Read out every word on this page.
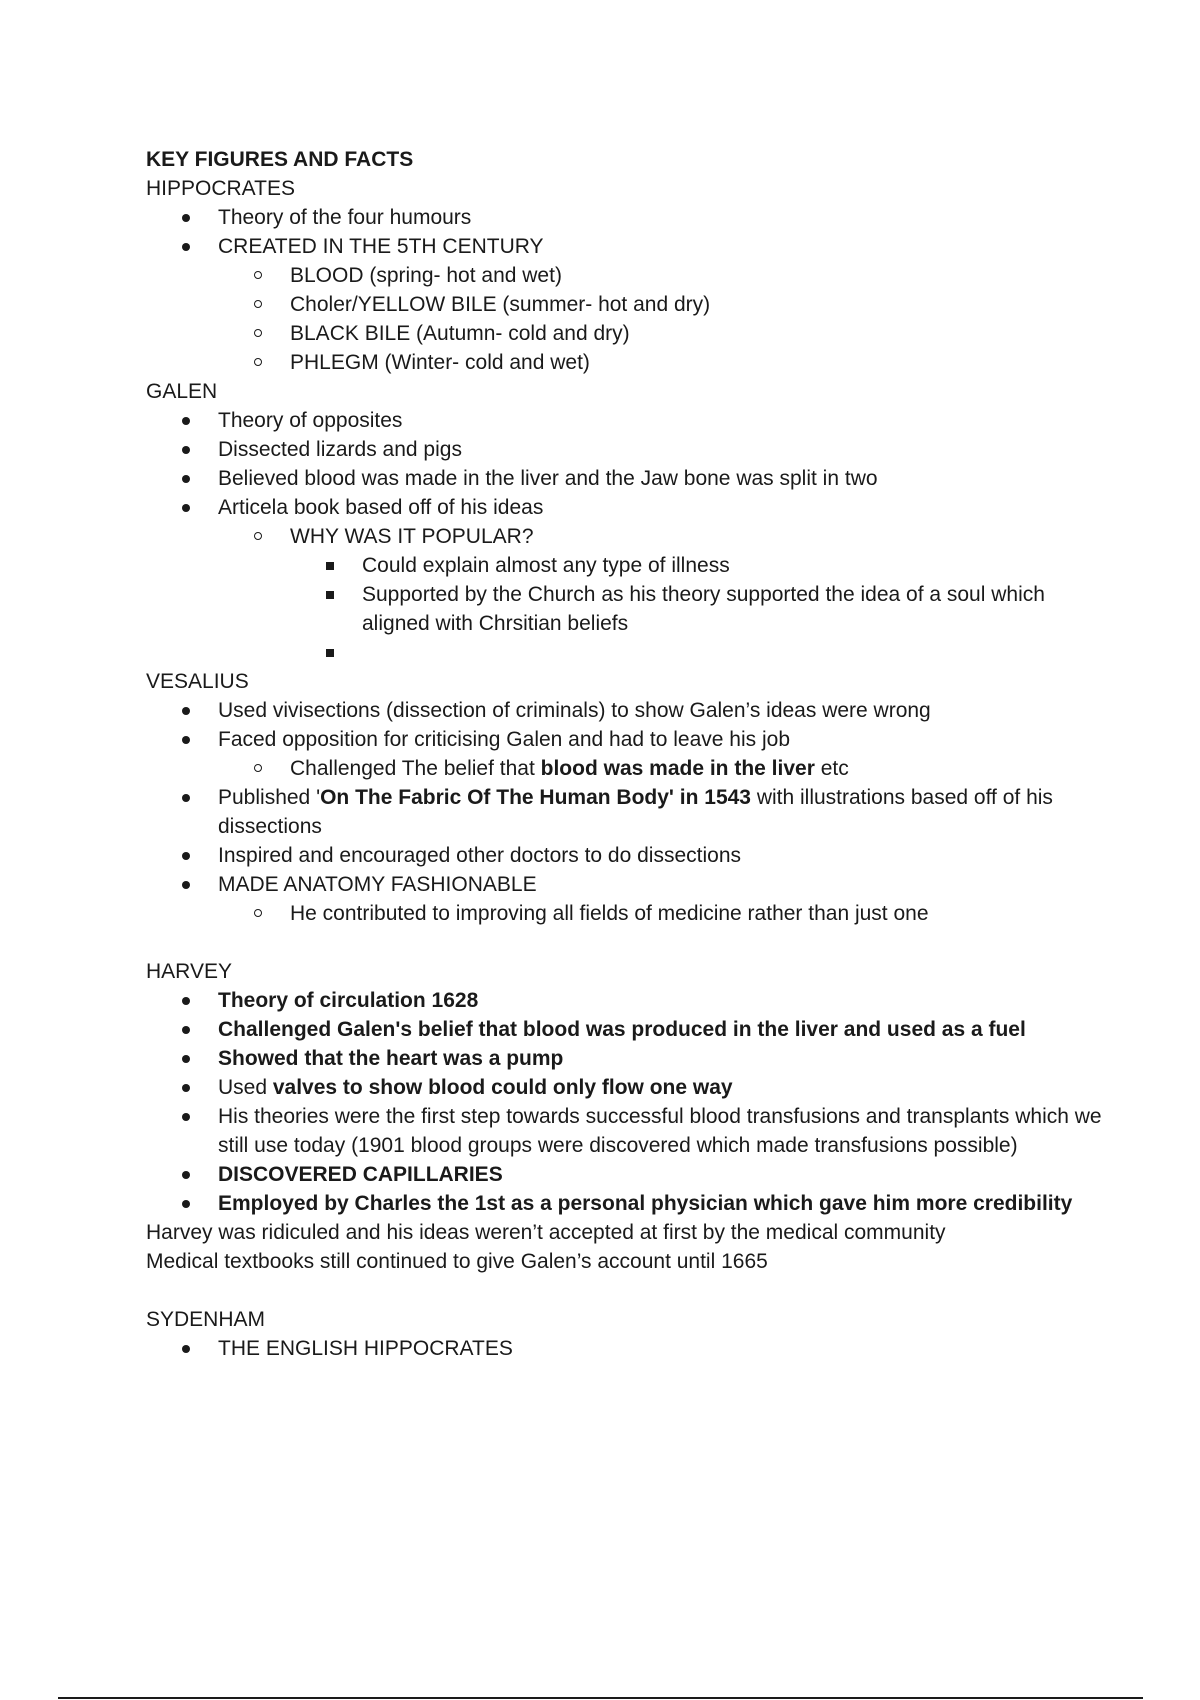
KEY FIGURES AND FACTS
HIPPOCRATES
Theory of the four humours
CREATED IN THE 5TH CENTURY
BLOOD (spring- hot and wet)
Choler/YELLOW BILE (summer- hot and dry)
BLACK BILE (Autumn- cold and dry)
PHLEGM (Winter- cold and wet)
GALEN
Theory of opposites
Dissected lizards and pigs
Believed blood was made in the liver and the Jaw bone was split in two
Articela book based off of his ideas
WHY WAS IT POPULAR?
Could explain almost any type of illness
Supported by the Church as his theory supported the idea of a soul which aligned with Chrsitian beliefs
VESALIUS
Used vivisections (dissection of criminals) to show Galen’s ideas were wrong
Faced opposition for criticising Galen and had to leave his job
Challenged The belief that blood was made in the liver etc
Published 'On The Fabric Of The Human Body' in 1543 with illustrations based off of his dissections
Inspired and encouraged other doctors to do dissections
MADE ANATOMY FASHIONABLE
He contributed to improving all fields of medicine rather than just one
HARVEY
Theory of circulation 1628
Challenged Galen's belief that blood was produced in the liver and used as a fuel
Showed that the heart was a pump
Used valves to show blood could only flow one way
His theories were the first step towards successful blood transfusions and transplants which we still use today (1901 blood groups were discovered which made transfusions possible)
DISCOVERED CAPILLARIES
Employed by Charles the 1st as a personal physician which gave him more credibility
Harvey was ridiculed and his ideas weren’t accepted at first by the medical community
Medical textbooks still continued to give Galen’s account until 1665
SYDENHAM
THE ENGLISH HIPPOCRATES
